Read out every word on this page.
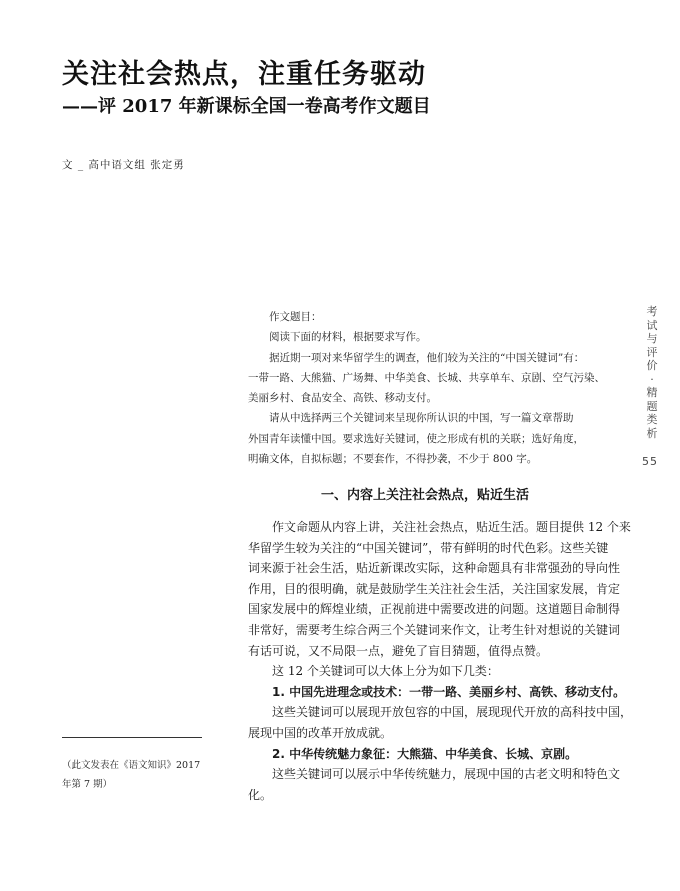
关注社会热点，注重任务驱动
——评 2017 年新课标全国一卷高考作文题目
文 _ 高中语文组 张定勇
考
试
与
评
价
·
精
题
类
析
55

作文题目：

阅读下面的材料，根据要求写作。

据近期一项对来华留学生的调查，他们较为关注的“中国关键词”有：

一带一路、大熊猫、广场舞、中华美食、长城、共享单车、京剧、空气污染、

美丽乡村、食品安全、高铁、移动支付。

请从中选择两三个关键词来呈现你所认识的中国，写一篇文章帮助

外国青年读懂中国。要求选好关键词，使之形成有机的关联；选好角度，

明确文体，自拟标题；不要套作，不得抄袭，不少于 800 字。

一、内容上关注社会热点，贴近生活

作文命题从内容上讲，关注社会热点，贴近生活。题目提供 12 个来

华留学生较为关注的“中国关键词”，带有鲜明的时代色彩。这些关键

词来源于社会生活，贴近新课改实际，这种命题具有非常强劲的导向性

作用，目的很明确，就是鼓励学生关注社会生活，关注国家发展，肯定

国家发展中的辉煌业绩，正视前进中需要改进的问题。这道题目命制得

非常好，需要考生综合两三个关键词来作文，让考生针对想说的关键词

有话可说，又不局限一点，避免了盲目猜题，值得点赞。

这 12 个关键词可以大体上分为如下几类：

1. 中国先进理念或技术：一带一路、美丽乡村、高铁、移动支付。

这些关键词可以展现开放包容的中国，展现现代开放的高科技中国，

展现中国的改革开放成就。

2. 中华传统魅力象征：大熊猫、中华美食、长城、京剧。

这些关键词可以展示中华传统魅力，展现中国的古老文明和特色文

化。

（此文发表在《语文知识》2017

年第 7 期）
